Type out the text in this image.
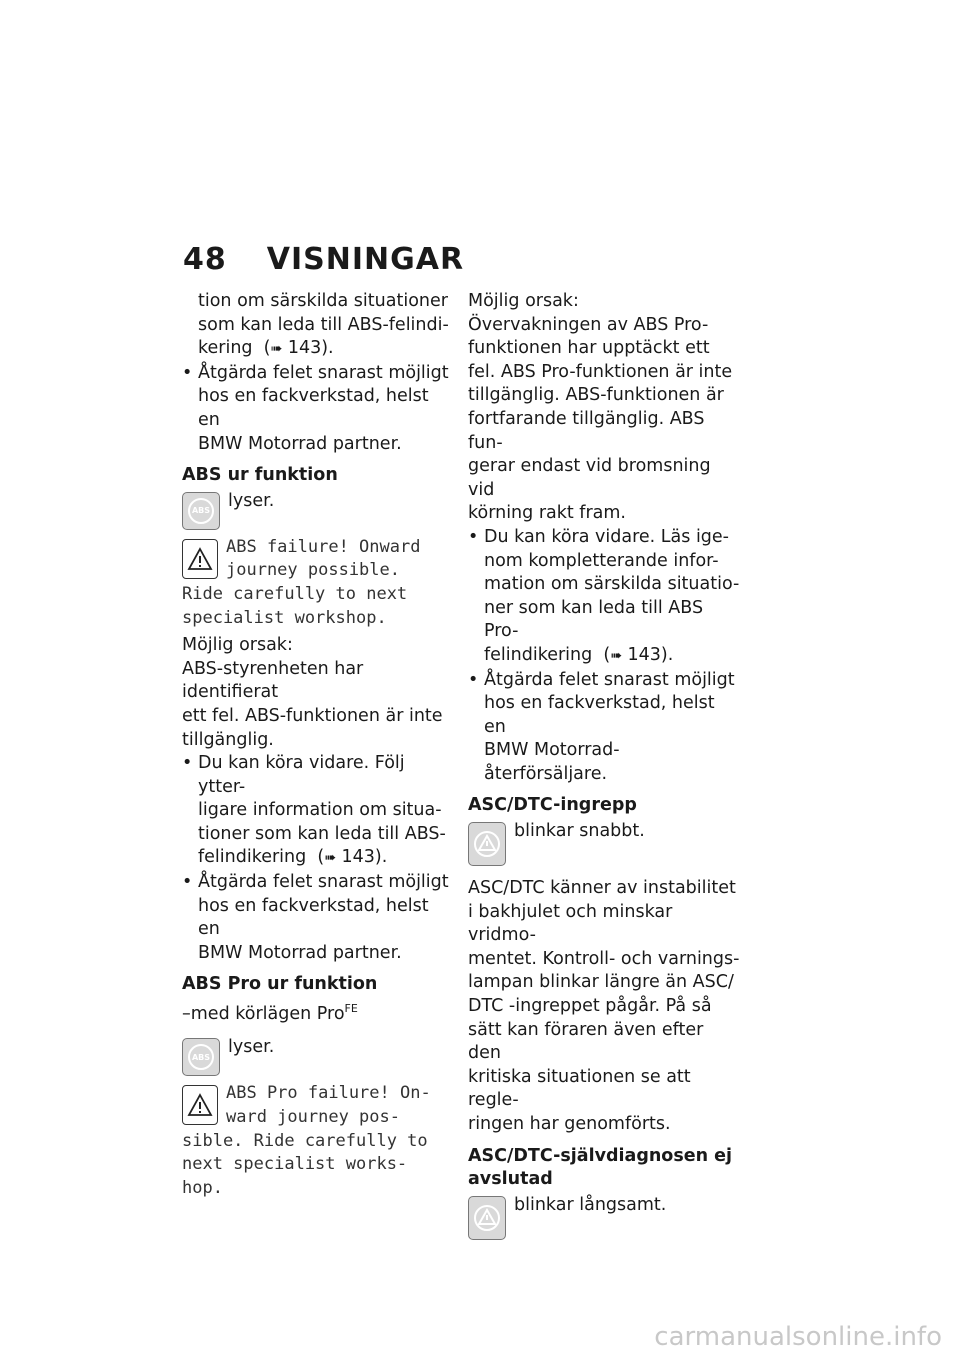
48 VISNINGAR
tion om särskilda situationer
som kan leda till ABS-felindi-
kering  (➠ 143).
• Åtgärda felet snarast möjligt
hos en fackverkstad, helst en
BMW Motorrad partner.

ABS ur funktion

ABS lyser.
ABS failure! Onward
journey possible.
Ride carefully to next
specialist workshop.

Möjlig orsak:

ABS-styrenheten har identifierat
ett fel. ABS-funktionen är inte
tillgänglig.
• Du kan köra vidare. Följ ytter-
ligare information om situa-
tioner som kan leda till ABS-
felindikering  (➠ 143).
• Åtgärda felet snarast möjligt
hos en fackverkstad, helst en
BMW Motorrad partner.

ABS Pro ur funktion

–med körlägen Pro$^{FE}$

ABS lyser.
ABS Pro failure! On-
ward journey pos-
sible. Ride carefully to
next specialist works-
hop.

Möjlig orsak:

Övervakningen av ABS Pro-
funktionen har upptäckt ett
fel. ABS Pro-funktionen är inte
tillgänglig. ABS-funktionen är
fortfarande tillgänglig. ABS fun-
gerar endast vid bromsning vid
körning rakt fram.
• Du kan köra vidare. Läs ige-
nom kompletterande infor-
mation om särskilda situatio-
ner som kan leda till ABS Pro-
felindikering  (➠ 143).
• Åtgärda felet snarast möjligt
hos en fackverkstad, helst en
BMW Motorrad-återförsäljare.

ASC/DTC-ingrepp

blinkar snabbt.
ASC/DTC känner av instabilitet
i bakhjulet och minskar vridmo-
mentet. Kontroll- och varnings-
lampan blinkar längre än ASC/
DTC -ingreppet pågår. På så
sätt kan föraren även efter den
kritiska situationen se att regle-
ringen har genomförts.
ASC/DTC-självdiagnosen ej
avslutad
blinkar långsamt.
carmanualsonline.info
